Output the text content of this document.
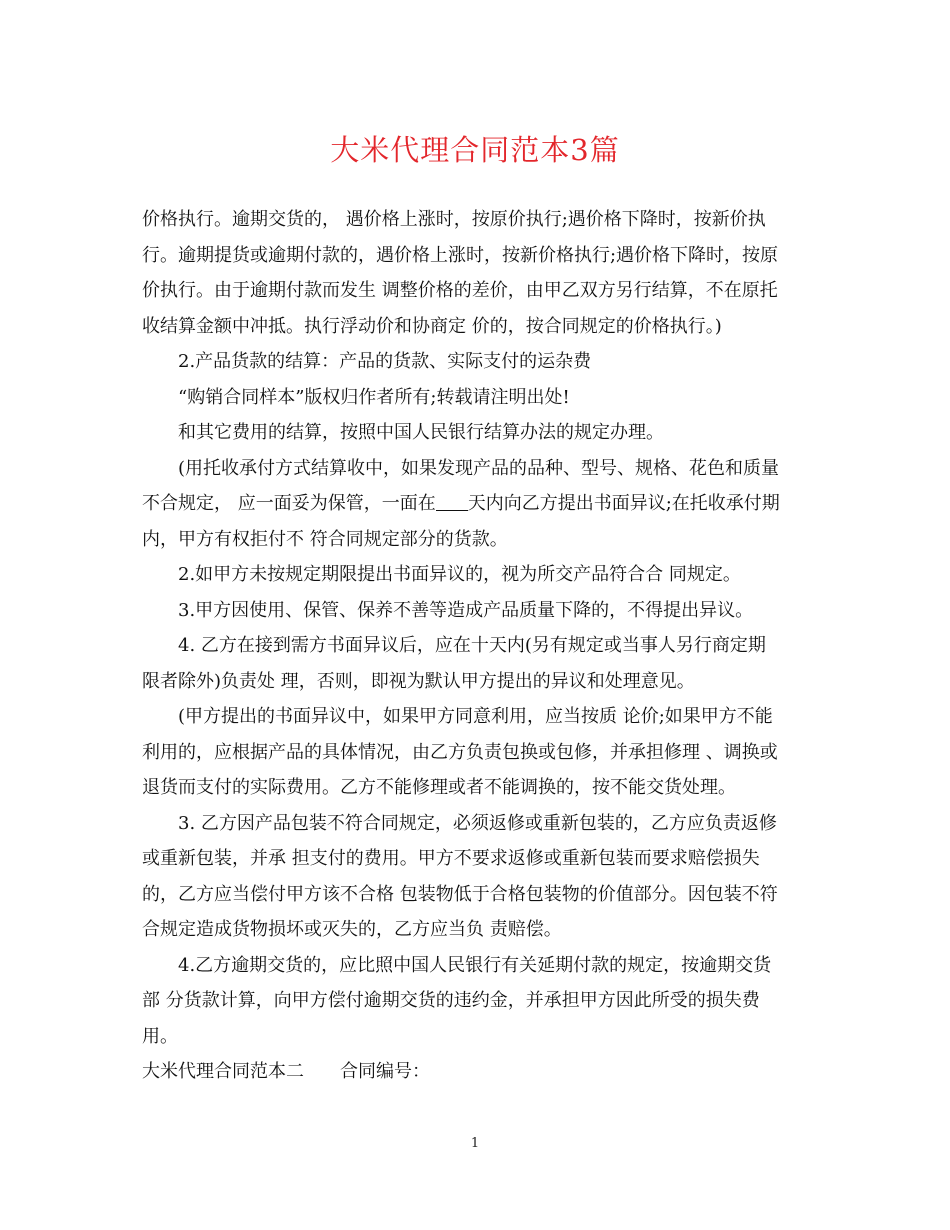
大米代理合同范本3篇
价格执行。逾期交货的， 遇价格上涨时，按原价执行;遇价格下降时，按新价执
行。逾期提货或逾期付款的，遇价格上涨时，按新价格执行;遇价格下降时，按原
价执行。由于逾期付款而发生 调整价格的差价，由甲乙双方另行结算，不在原托
收结算金额中冲抵。执行浮动价和协商定 价的，按合同规定的价格执行。)
2.产品货款的结算：产品的货款、实际支付的运杂费
“购销合同样本”版权归作者所有;转载请注明出处!
和其它费用的结算，按照中国人民银行结算办法的规定办理。
(用托收承付方式结算收中，如果发现产品的品种、型号、规格、花色和质量
不合规定， 应一面妥为保管，一面在 天内向乙方提出书面异议;在托收承付期
内，甲方有权拒付不 符合同规定部分的货款。
2.如甲方未按规定期限提出书面异议的，视为所交产品符合合 同规定。
3.甲方因使用、保管、保养不善等造成产品质量下降的，不得提出异议。
4. 乙方在接到需方书面异议后，应在十天内(另有规定或当事人另行商定期
限者除外)负责处 理，否则，即视为默认甲方提出的异议和处理意见。
(甲方提出的书面异议中，如果甲方同意利用，应当按质 论价;如果甲方不能
利用的，应根据产品的具体情况，由乙方负责包换或包修，并承担修理 、调换或
退货而支付的实际费用。乙方不能修理或者不能调换的，按不能交货处理。
3. 乙方因产品包装不符合同规定，必须返修或重新包装的，乙方应负责返修
或重新包装，并承 担支付的费用。甲方不要求返修或重新包装而要求赔偿损失
的，乙方应当偿付甲方该不合格 包装物低于合格包装物的价值部分。因包装不符
合规定造成货物损坏或灭失的，乙方应当负 责赔偿。
4.乙方逾期交货的，应比照中国人民银行有关延期付款的规定，按逾期交货
部 分货款计算，向甲方偿付逾期交货的违约金，并承担甲方因此所受的损失费
用。
大米代理合同范本二 合同编号：
1
